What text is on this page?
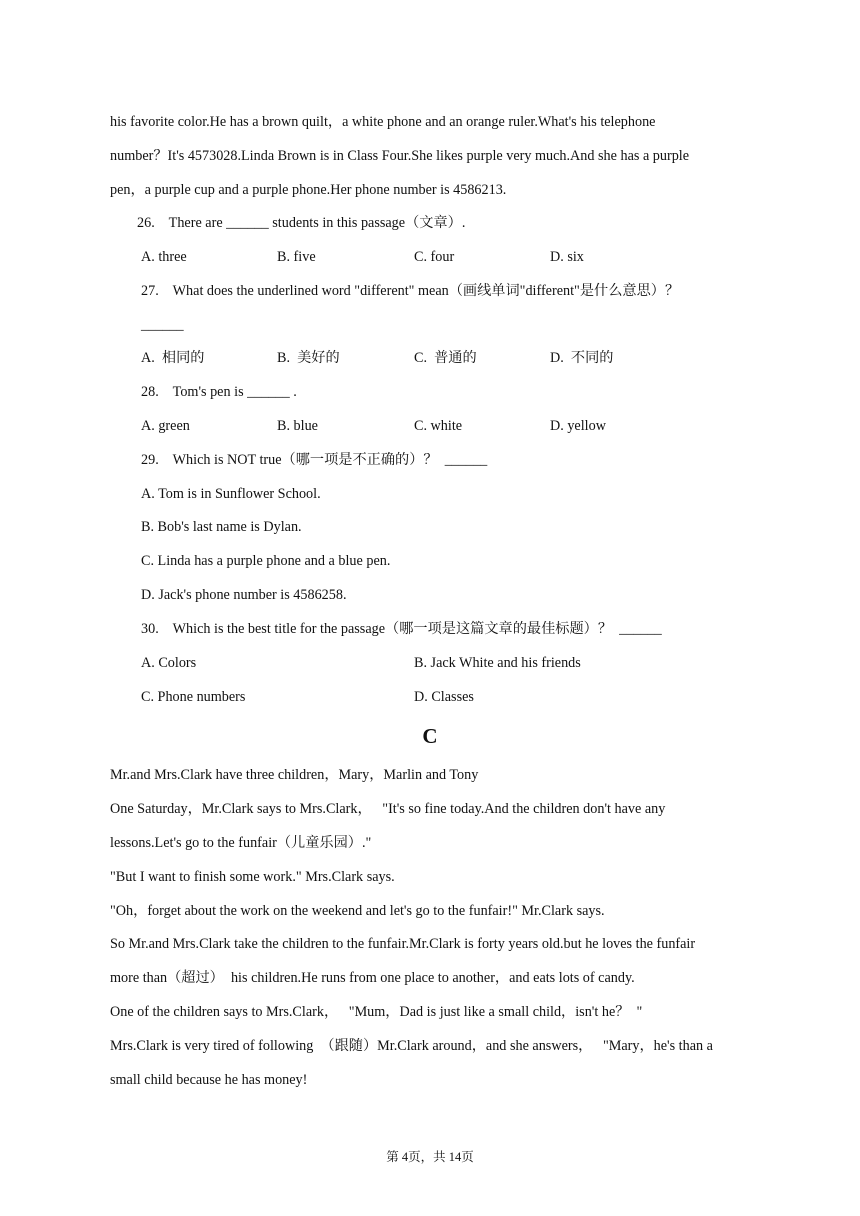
his favorite color.He has a brown quilt，a white phone and an orange ruler.What's his telephone
number？It's 4573028.Linda Brown is in Class Four.She likes purple very much.And she has a purple
pen，a purple cup and a purple phone.Her phone number is 4586213.
26.    There are ______ students in this passage（文章）.
A. three	B. five	C. four	D. six
27.    What does the underlined word "different" mean（画线单词"different"是什么意思）？
______
A.  相同的	B.  美好的	C.  普通的	D.  不同的
28.    Tom's pen is ______ .
A. green	B. blue	C. white	D. yellow
29.    Which is NOT true（哪一项是不正确的）？  ______
A. Tom is in Sunflower School.
B. Bob's last name is Dylan.
C. Linda has a purple phone and a blue pen.
D. Jack's phone number is 4586258.
30.    Which is the best title for the passage（哪一项是这篇文章的最佳标题）？  ______
A. Colors	B. Jack White and his friends
C. Phone numbers	D. Classes
C
Mr.and Mrs.Clark have three children，Mary，Marlin and Tony
One Saturday，Mr.Clark says to Mrs.Clark，   "It's so fine today.And the children don't have any
lessons.Let's go to the funfair（儿童乐园）."
"But I want to finish some work." Mrs.Clark says.
"Oh，forget about the work on the weekend and let's go to the funfair!" Mr.Clark says.
So Mr.and Mrs.Clark take the children to the funfair.Mr.Clark is forty years old.but he loves the funfair
more than（超过）  his children.He runs from one place to another，and eats lots of candy.
One of the children says to Mrs.Clark，   "Mum，Dad is just like a small child，isn't he？  "
Mrs.Clark is very tired of following  （跟随）Mr.Clark around，and she answers，   "Mary，he's than a
small child because he has money!
第 4页，共 14页
